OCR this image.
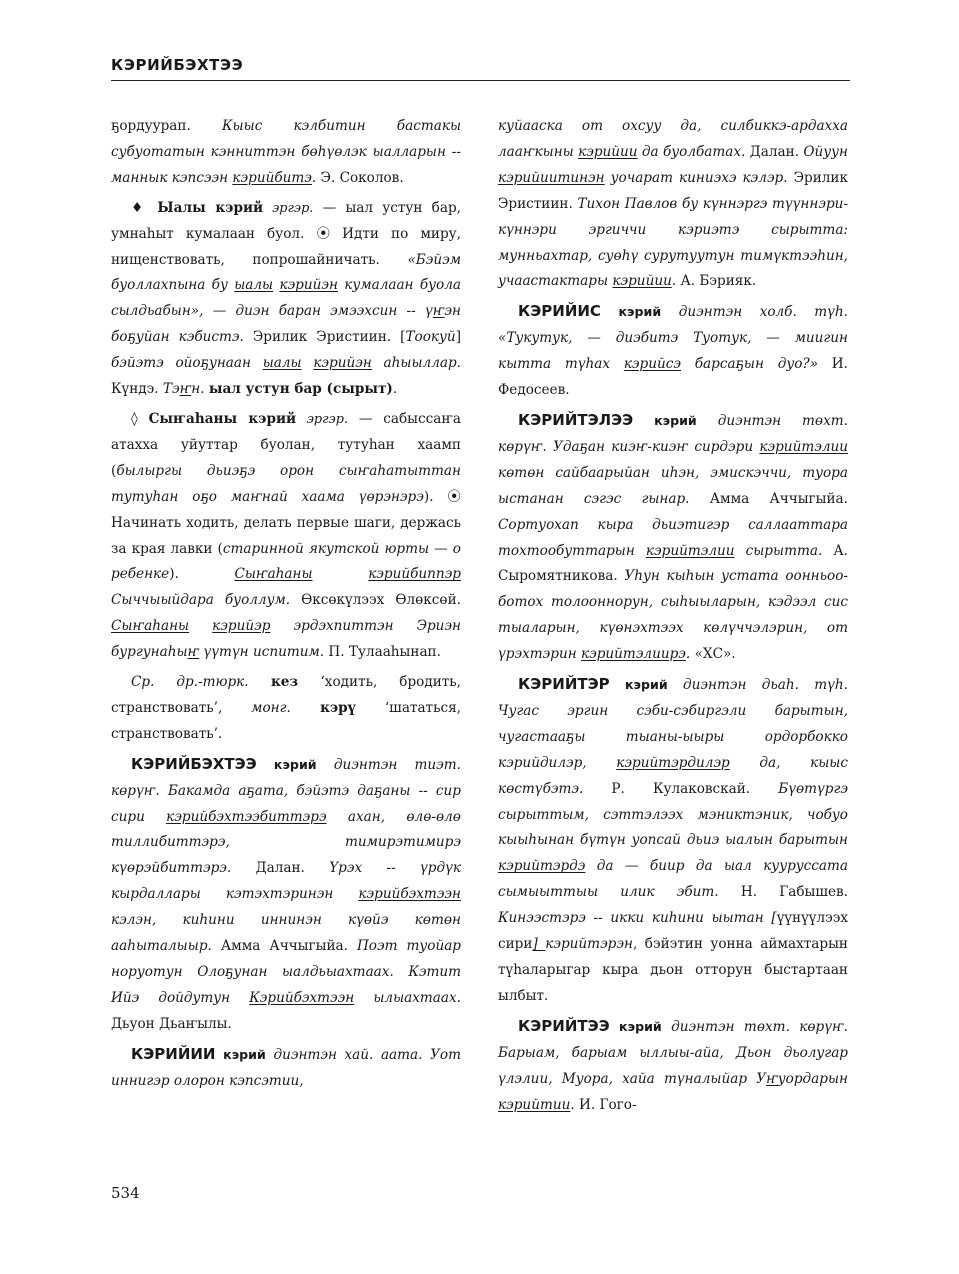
КЭРИЙБЭХТЭЭ

ҕордуурап. Кыыс кэлбитин бастакы субуотатын кэнниттэн бөһүөлэк ыалларын -- маннык кэпсээн кэрийбитэ. Э. Соколов.

♦ Ыалы кэрий эргэр. — ыал устун бар, умнаһыт кумалаан буол. ⦿ Идти по миру, нищенствовать, попрошайничать. «Бэйэм буоллахпына бу ыалы кэрийэн кумалаан буола сылдьабын», — диэн баран эмээхсин -- үҥэн боҕуйан кэбистэ. Эрилик Эристиин. [Тоокуй] бэйэтэ ойоҕунаан ыалы кэрийэн аһыыллар. Күндэ. Тэҥн. ыал устун бар (сырыт).

◊ Сыҥаһаны кэрий эргэр. — сабыссаҥа атахха уйуттар буолан, тутуһан хаамп (былыргы дьиэҕэ орон сыҥаһатыттан тутуһан оҕо маҥнай хаама үөрэнэрэ). ⦿ Начинать ходить, делать первые шаги, держась за края лавки (старинной якутской юрты — о ребенке). Сыҥаһаны	кэрийбиппэр Сыччыыйдара буоллум. Өксөкүлээх Өлөксөй. Сыҥаһаны кэрийэр эрдэхпиттэн Эриэн бургунаһыҥ үүтүн испитим. П. Тулааһынап.

Ср. др.-тюрк. кез ‘ходить, бродить, странствовать’, монг. кэрү ‘шататься, странствовать’.

КЭРИЙБЭХТЭЭ кэрий диэнтэн тиэт. көрүҥ. Бакамда аҕата, бэйэтэ даҕаны -- сир сири кэрийбэхтээбиттэрэ ахан, өлө-өлө тиллибиттэрэ, тимирэтимирэ күөрэйбиттэрэ. Далан. Үрэх -- үрдүк кырдаллары кэтэхтэринэн кэрийбэхтээн кэлэн, киһини иннинэн күөйэ көтөн ааһыталыыр. Амма Аччыгыйа. Поэт туойар норуотун Олоҕунан ыалдьыахтаах. Кэтит Ийэ дойдутун Кэрийбэхтээн ылыахтаах. Дьуон Дьаҥылы.

КЭРИЙИИ кэрий диэнтэн хай. аата. Уот иннигэр олорон кэпсэтии,

куйааска от охсуу да, силбиккэ-ардахха лааҥкыны кэрийии да буолбатах. Далан. Ойуун кэрийиитинэн уочарат киниэхэ кэлэр. Эрилик Эристиин. Тихон Павлов бу күннэргэ түүннэри-күннэри эргиччи кэриэтэ сырытта: мунньахтар, суөһү сурутуутун тимүктээһин, учаастактары кэрийии. А. Бэрияк.

КЭРИЙИС кэрий диэнтэн холб. түһ. «Тукутук, — диэбитэ Туотук, — миигин кытта түһах кэрийсэ барсаҕын дуо?» И. Федосеев.

КЭРИЙТЭЛЭЭ кэрий диэнтэн төхт. көрүҥ. Удаҕан киэҥ-киэҥ сирдэри кэрийтэлии көтөн сайбаарыйан иһэн, эмискэччи, туора ыстанан сэгэс гынар. Амма Аччыгыйа. Сортуохап кыра дьиэтигэр саллааттара тохтообуттарын кэрийтэлии сырытта. А. Сыромятникова. Уһун кыһын устата оонньооботох толооннорун, сыһыыларын, кэдээл сис тыаларын, күөнэхтээх көлүччэлэрин, от үрэхтэрин кэрийтэлиирэ. «ХС».

КЭРИЙТЭР кэрий диэнтэн дьаһ. түһ. Чугас эргин сэби-сэбиргэли барытын, чугастааҕы тыаны-ыыры ордорбокко кэрийдилэр, кэрийтэрдилэр да, кыыс көстүбэтэ. Р. Кулаковскай. Бүөтүргэ сырыттым, сэттэлээх мэниктэник, чобуо кыыһынан бүтүн уопсай дьиэ ыалын барытын кэрийтэрдэ да — биир да ыал кууруссата сымыыттыы илик эбит. Н. Габышев. Кинээстэрэ -- икки киһини ыытан [үүнүүлээх сири] кэрийтэрэн, бэйэтин уонна аймахтарын түһаларыгар кыра дьон отторун быстартаан ылбыт.

КЭРИЙТЭЭ кэрий диэнтэн төхт. көрүҥ. Барыам, барыам ыллыы-айа, Дьон дьолугар үлэлии, Муора, хайа түналыйар Уҥуордарын кэрийтии. И. Гого-

534
